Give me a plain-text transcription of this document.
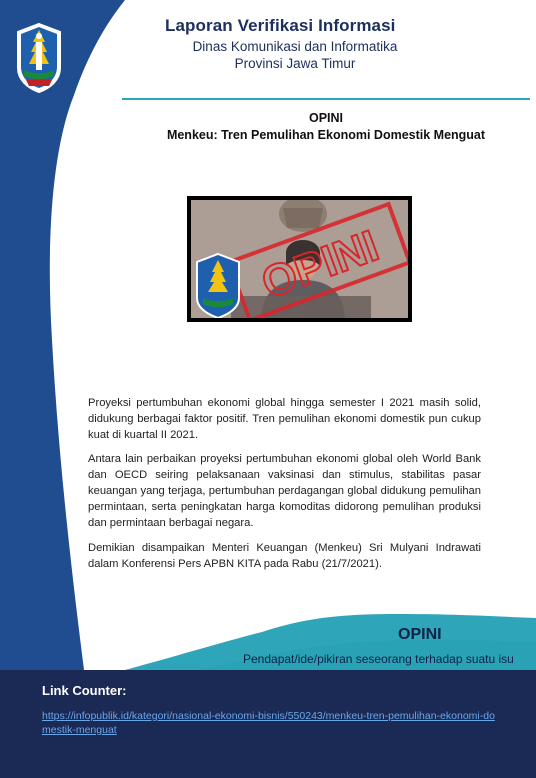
Laporan Verifikasi Informasi
Dinas Komunikasi dan Informatika
Provinsi Jawa Timur
OPINI
Menkeu: Tren Pemulihan Ekonomi Domestik Menguat
OPINI
Proyeksi pertumbuhan ekonomi global hingga semester I 2021 masih solid, didukung berbagai faktor positif. Tren pemulihan ekonomi domestik pun cukup kuat di kuartal II 2021.
Antara lain perbaikan proyeksi pertumbuhan ekonomi global oleh World Bank dan OECD seiring pelaksanaan vaksinasi dan stimulus, stabilitas pasar keuangan yang terjaga, pertumbuhan perdagangan global didukung pemulihan permintaan, serta peningkatan harga komoditas didorong pemulihan produksi dan permintaan berbagai negara.
Demikian disampaikan Menteri Keuangan (Menkeu) Sri Mulyani Indrawati dalam Konferensi Pers APBN KITA pada Rabu (21/7/2021).
OPINI
Pendapat/ide/pikiran seseorang terhadap suatu isu
Link Counter:
https://infopublik.id/kategori/nasional-ekonomi-bisnis/550243/menkeu-tren-pemulihan-ekonomi-domestik-menguat
